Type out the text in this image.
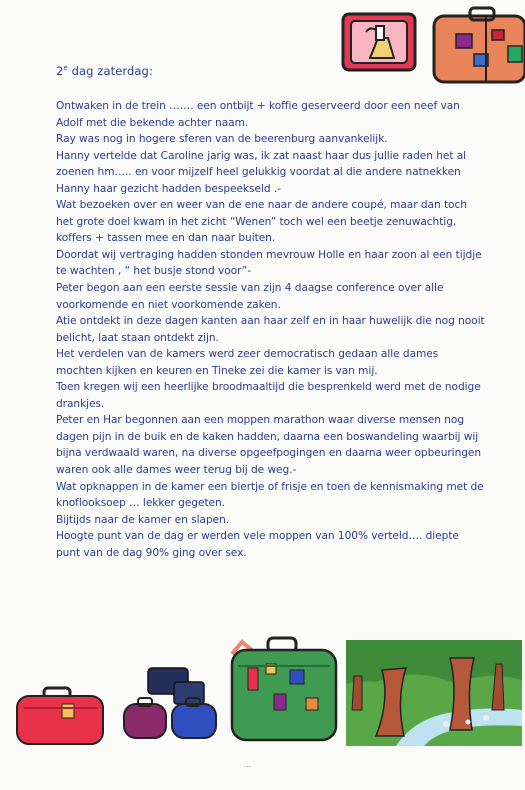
2e dag zaterdag:

Ontwaken in de trein ……. een ontbijt + koffie geserveerd door een neef van Adolf met die bekende achter naam.

Ray was nog in hogere sferen van de beerenburg aanvankelijk.

Hanny vertelde dat Caroline jarig was, ik zat naast haar dus jullie raden het al zoenen hm….. en voor mijzelf heel gelukkig voordat al die andere natnekken Hanny haar gezicht hadden bespeekseld .-

Wat bezoeken over en weer van de ene naar de andere coupé, maar dan toch het grote doel kwam in het zicht “Wenen” toch wel een beetje zenuwachtig, koffers + tassen mee en dan naar buiten.

Doordat wij vertraging hadden stonden mevrouw Holle en haar zoon al een tijdje te wachten , “ het busje stond voor”-

Peter begon aan een eerste sessie van zijn 4 daagse conference over alle voorkomende en niet voorkomende zaken.

Atie ontdekt in deze dagen kanten aan haar zelf en in haar huwelijk die nog nooit belicht, laat staan ontdekt zijn.

Het verdelen van de kamers werd zeer democratisch gedaan alle dames mochten kijken en keuren en Tineke zei die kamer is van mij.

Toen kregen wij een heerlijke broodmaaltijd die besprenkeld werd met de nodige drankjes.

Peter en Har begonnen aan een moppen marathon waar diverse mensen nog dagen pijn in de buik en de kaken hadden, daarna een boswandeling waarbij wij bijna verdwaald waren, na diverse opgeefpogingen en daarna weer opbeuringen waren ook alle dames weer terug bij de weg.-

Wat opknappen in de kamer een biertje of frisje en toen de kennismaking met de knoflooksoep … lekker gegeten.

Bijtijds naar de kamer en slapen.

Hoogte punt van de dag er werden vele moppen van 100% verteld…. diepte punt van de dag 90% ging over sex.

..
